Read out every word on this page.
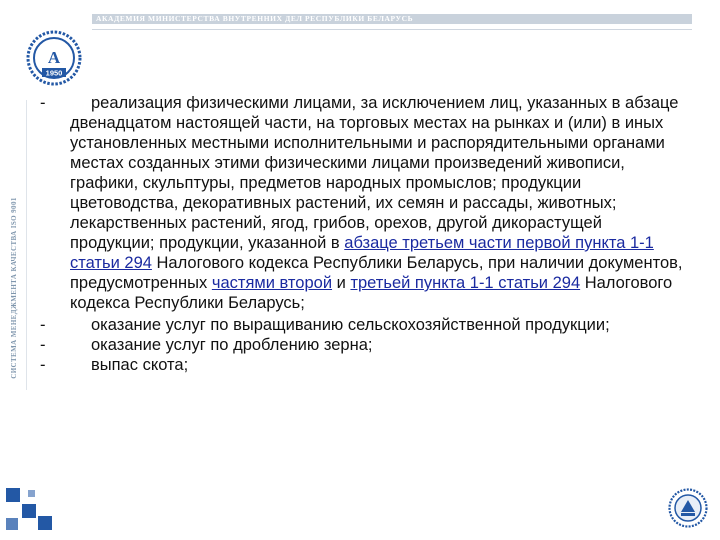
АКАДЕМИЯ МИНИСТЕРСТВА ВНУТРЕННИХ ДЕЛ РЕСПУБЛИКИ БЕЛАРУСЬ
А
1950
СИСТЕМА МЕНЕДЖМЕНТА КАЧЕСТВА ISO 9001
-	реализация физическими лицами, за исключением лиц, указанных в абзаце двенадцатом настоящей части, на торговых местах на рынках и (или) в иных установленных местными исполнительными и распорядительными органами местах созданных этими физическими лицами произведений живописи, графики, скульптуры, предметов народных промыслов; продукции цветоводства, декоративных растений, их семян и рассады, животных; лекарственных растений, ягод, грибов, орехов, другой дикорастущей продукции; продукции, указанной в абзаце третьем части первой пункта 1-1 статьи 294 Налогового кодекса Республики Беларусь, при наличии документов, предусмотренных частями второй и третьей пункта 1-1 статьи 294 Налогового кодекса Республики Беларусь;
-	оказание услуг по выращиванию сельскохозяйственной продукции;
-	оказание услуг по дроблению зерна;
-	выпас скота;
